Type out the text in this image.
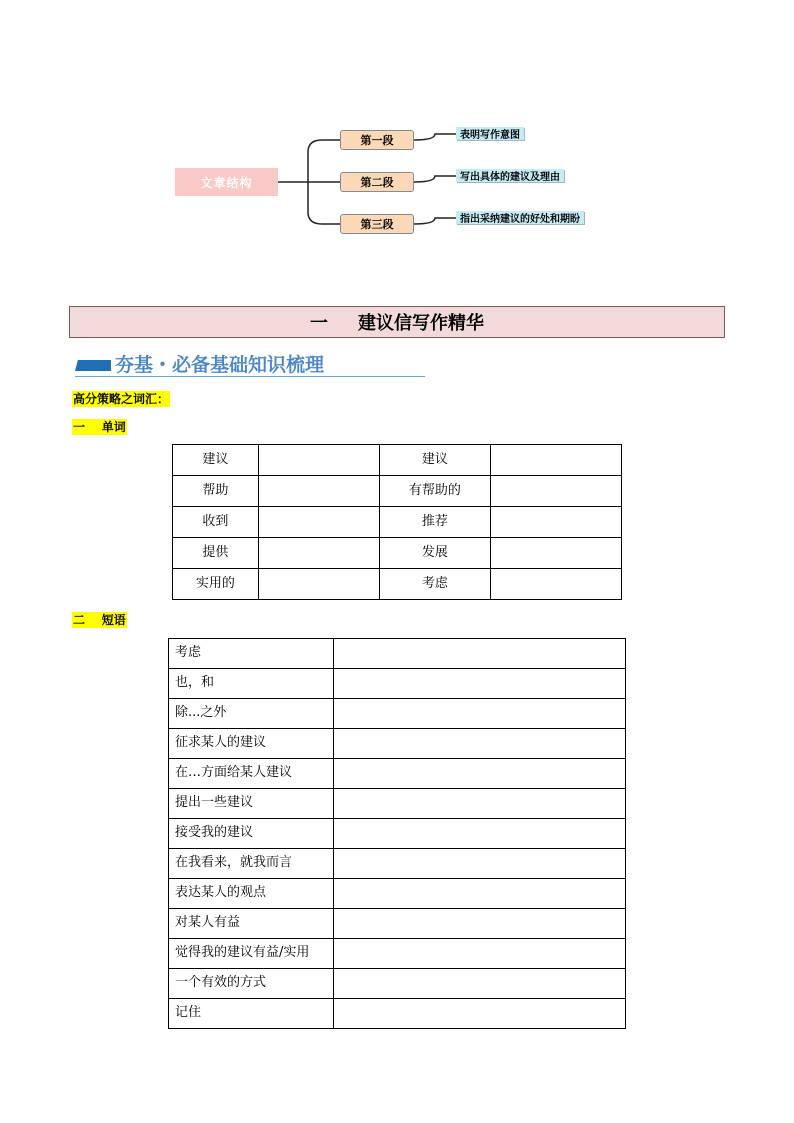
文章结构
第一段
第二段
第三段
表明写作意图
写出具体的建议及理由
指出采纳建议的好处和期盼
一 建议信写作精华
夯基・必备基础知识梳理
高分策略之词汇：
一    单词
建议		建议	
帮助		有帮助的	
收到		推荐	
提供		发展	
实用的		考虑	
二    短语
考虑	
也，和	
除...之外	
征求某人的建议	
在…方面给某人建议	
提出一些建议	
接受我的建议	
在我看来，就我而言	
表达某人的观点	
对某人有益	
觉得我的建议有益/实用	
一个有效的方式	
记住	
